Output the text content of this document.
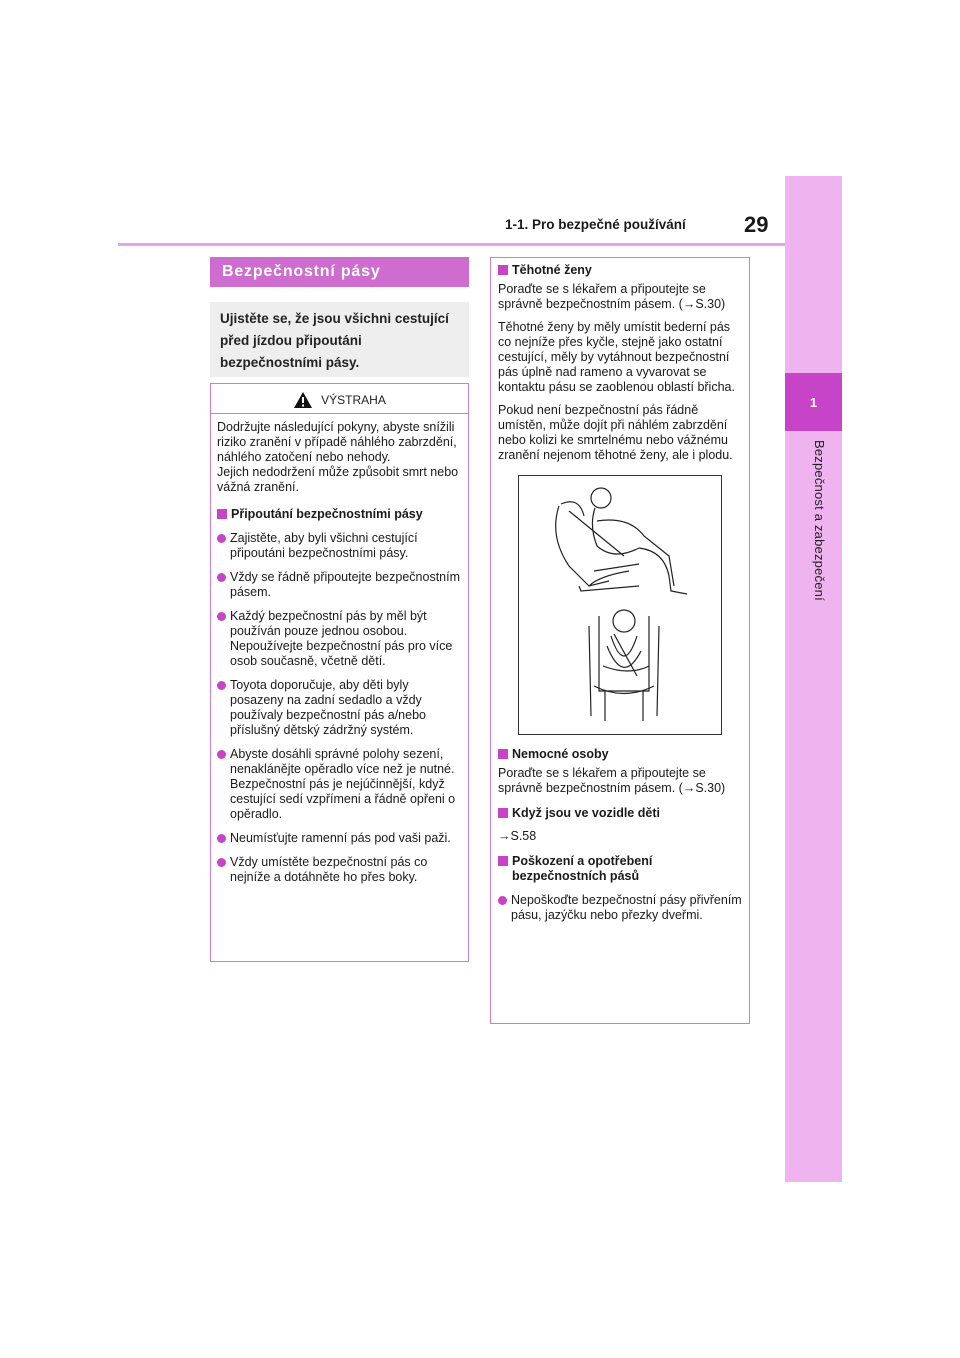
1
Bezpečnost a zabezpečení
1-1. Pro bezpečné používání	29
Bezpečnostní pásy
Ujistěte se, že jsou všichni cestující před jízdou připoutáni bezpečnostními pásy.
VÝSTRAHA

Dodržujte následující pokyny, abyste snížili riziko zranění v případě náhlého zabrzdění, náhlého zatočení nebo nehody.

Jejich nedodržení může způsobit smrt nebo vážná zranění.

Připoutání bezpečnostními pásy
Zajistěte, aby byli všichni cestující připoutáni bezpečnostními pásy.
Vždy se řádně připoutejte bezpečnostním pásem.
Každý bezpečnostní pás by měl být používán pouze jednou osobou. Nepoužívejte bezpečnostní pás pro více osob současně, včetně dětí.
Toyota doporučuje, aby děti byly posazeny na zadní sedadlo a vždy používaly bezpečnostní pás a/nebo příslušný dětský zádržný systém.
Abyste dosáhli správné polohy sezení, nenaklánějte opěradlo více než je nutné. Bezpečnostní pás je nejúčinnější, když cestující sedí vzpřímeni a řádně opřeni o opěradlo.
Neumísťujte ramenní pás pod vaši paži.
Vždy umístěte bezpečnostní pás co nejníže a dotáhněte ho přes boky.
Těhotné ženy

Poraďte se s lékařem a připoutejte se správně bezpečnostním pásem. (→S.30)

Těhotné ženy by měly umístit bederní pás co nejníže přes kyčle, stejně jako ostatní cestující, měly by vytáhnout bezpečnostní pás úplně nad rameno a vyvarovat se kontaktu pásu se zaoblenou oblastí břicha.

Pokud není bezpečnostní pás řádně umístěn, může dojít při náhlém zabrzdění nebo kolizi ke smrtelnému nebo vážnému zranění nejenom těhotné ženy, ale i plodu.

Nemocné osoby

Poraďte se s lékařem a připoutejte se správně bezpečnostním pásem. (→S.30)

Když jsou ve vozidle děti

→S.58

Poškození a opotřebení bezpečnostních pásů
Nepoškoďte bezpečnostní pásy přivřením pásu, jazýčku nebo přezky dveřmi.
